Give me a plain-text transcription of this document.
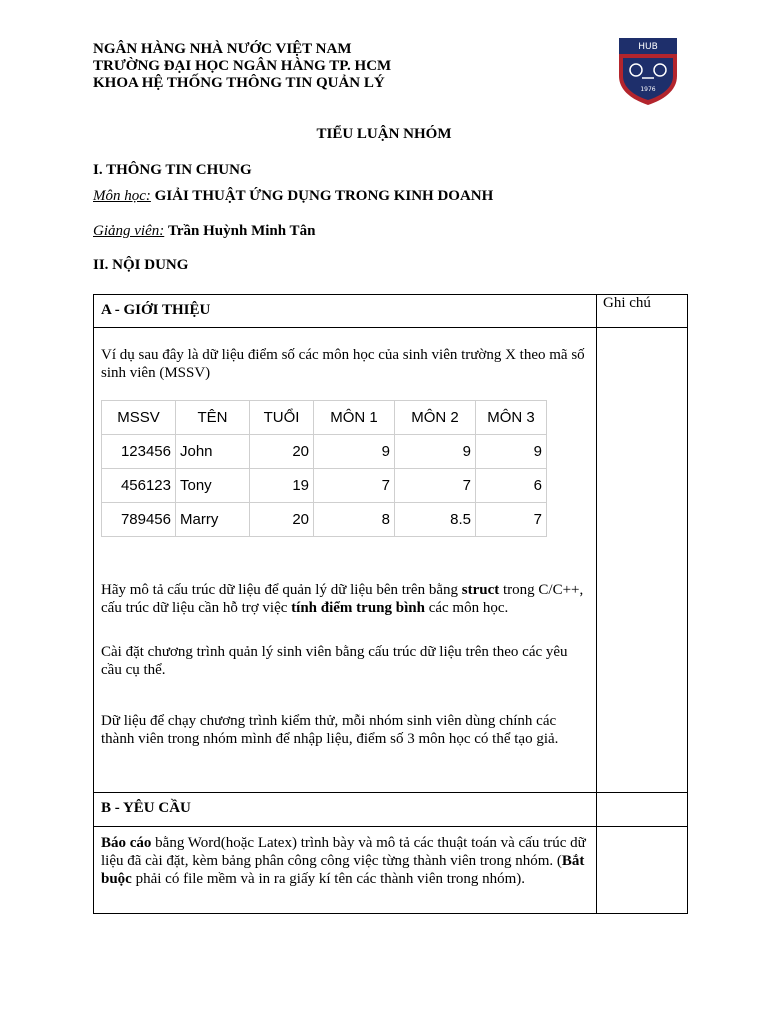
NGÂN HÀNG NHÀ NƯỚC VIỆT NAM
TRƯỜNG ĐẠI HỌC NGÂN HÀNG TP. HCM
KHOA HỆ THỐNG THÔNG TIN QUẢN LÝ
HUB
1976
TIỂU LUẬN NHÓM
I. THÔNG TIN CHUNG
Môn học: GIẢI THUẬT ỨNG DỤNG TRONG KINH DOANH
Giảng viên: Trần Huỳnh Minh Tân
II. NỘI DUNG
A - GIỚI THIỆU	Ghi chú
Ví dụ sau đây là dữ liệu điểm số các môn học của sinh viên trường X theo mã số sinh viên (MSSV)
MSSV	TÊN	TUỔI	MÔN 1	MÔN 2	MÔN 3
123456	John	20	9	9	9
456123	Tony	19	7	7	6
789456	Marry	20	8	8.5	7
Hãy mô tả cấu trúc dữ liệu để quản lý dữ liệu bên trên bằng struct trong C/C++, cấu trúc dữ liệu cần hỗ trợ việc tính điểm trung bình các môn học.
Cài đặt chương trình quản lý sinh viên bằng cấu trúc dữ liệu trên theo các yêu cầu cụ thể.
Dữ liệu để chạy chương trình kiểm thử, mỗi nhóm sinh viên dùng chính các thành viên trong nhóm mình để nhập liệu, điểm số 3 môn học có thể tạo giả.
B - YÊU CẦU
Báo cáo bằng Word(hoặc Latex) trình bày và mô tả các thuật toán và cấu trúc dữ liệu đã cài đặt, kèm bảng phân công công việc từng thành viên trong nhóm. (Bắt buộc phải có file mềm và in ra giấy kí tên các thành viên trong nhóm).
